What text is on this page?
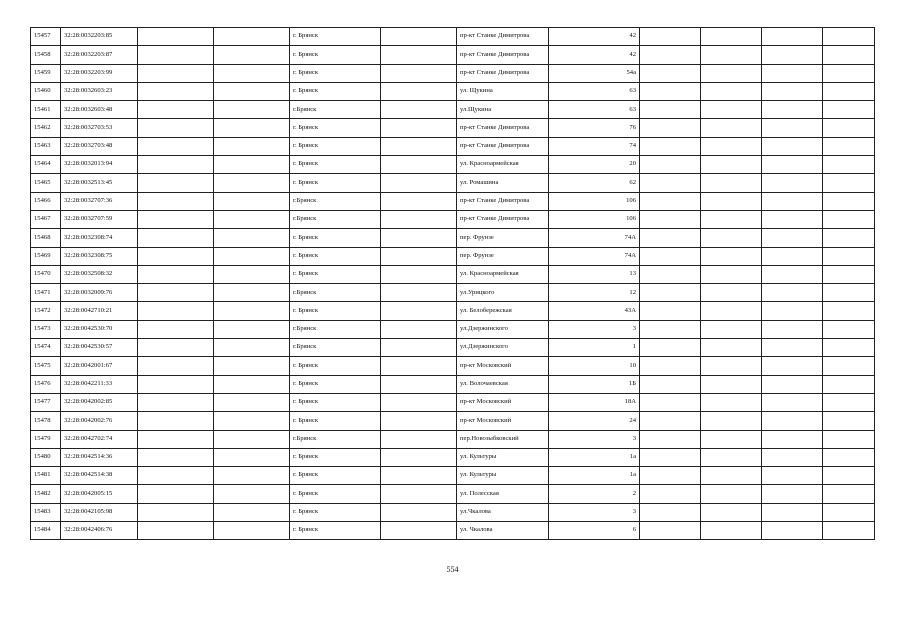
15457	32:28:0032203:85			г. Брянск		пр-кт Станке Димитрова	42				
15458	32:28:0032203:87			г. Брянск		пр-кт Станке Димитрова	42				
15459	32:28:0032203:99			г. Брянск		пр-кт Станке Димитрова	54а				
15460	32:28:0032603:23			г. Брянск		ул. Щукина	63				
15461	32:28:0032603:48			г.Брянск		ул.Щукина	63				
15462	32:28:0032703:53			г. Брянск		пр-кт Станке Димитрова	76				
15463	32:28:0032703:48			г. Брянск		пр-кт Станке Димитрова	74				
15464	32:28:0032013:94			г. Брянск		ул. Красноармейская	20				
15465	32:28:0032513:45			г. Брянск		ул. Ромашина	62				
15466	32:28:0032707:36			г.Брянск		пр-кт Станке Димитрова	106				
15467	32:28:0032707:59			г.Брянск		пр-кт Станке Димитрова	106				
15468	32:28:0032308:74			г. Брянск		пер. Фрунзе	74А				
15469	32:28:0032308:75			г. Брянск		пер. Фрунзе	74А				
15470	32:28:0032508:32			г. Брянск		ул. Красноармейская	13				
15471	32:28:0032009:76			г.Брянск		ул.Урицкого	12				
15472	32:28:0042710:21			г. Брянск		ул. Белобережская	43А				
15473	32:28:0042530:70			г.Брянск		ул.Дзержинского	3				
15474	32:28:0042530:57			г.Брянск		ул.Дзержинского	1				
15475	32:28:0042001:67			г. Брянск		пр-кт Московский	10				
15476	32:28:0042211:33			г. Брянск		ул. Волочаевская	1Б				
15477	32:28:0042002:85			г. Брянск		пр-кт Московский	18А				
15478	32:28:0042002:76			г. Брянск		пр-кт Московский	24				
15479	32:28:0042702:74			г.Брянск		пер.Новозыбковский	3				
15480	32:28:0042514:36			г. Брянск		ул. Культуры	1а				
15481	32:28:0042514:38			г. Брянск		ул. Культуры	1а				
15482	32:28:0042005:15			г. Брянск		ул. Полесская	2				
15483	32:28:0042105:98			г. Брянск		ул.Чкалова	3				
15484	32:28:0042406:76			г. Брянск		ул. Чкалова	6				
554
